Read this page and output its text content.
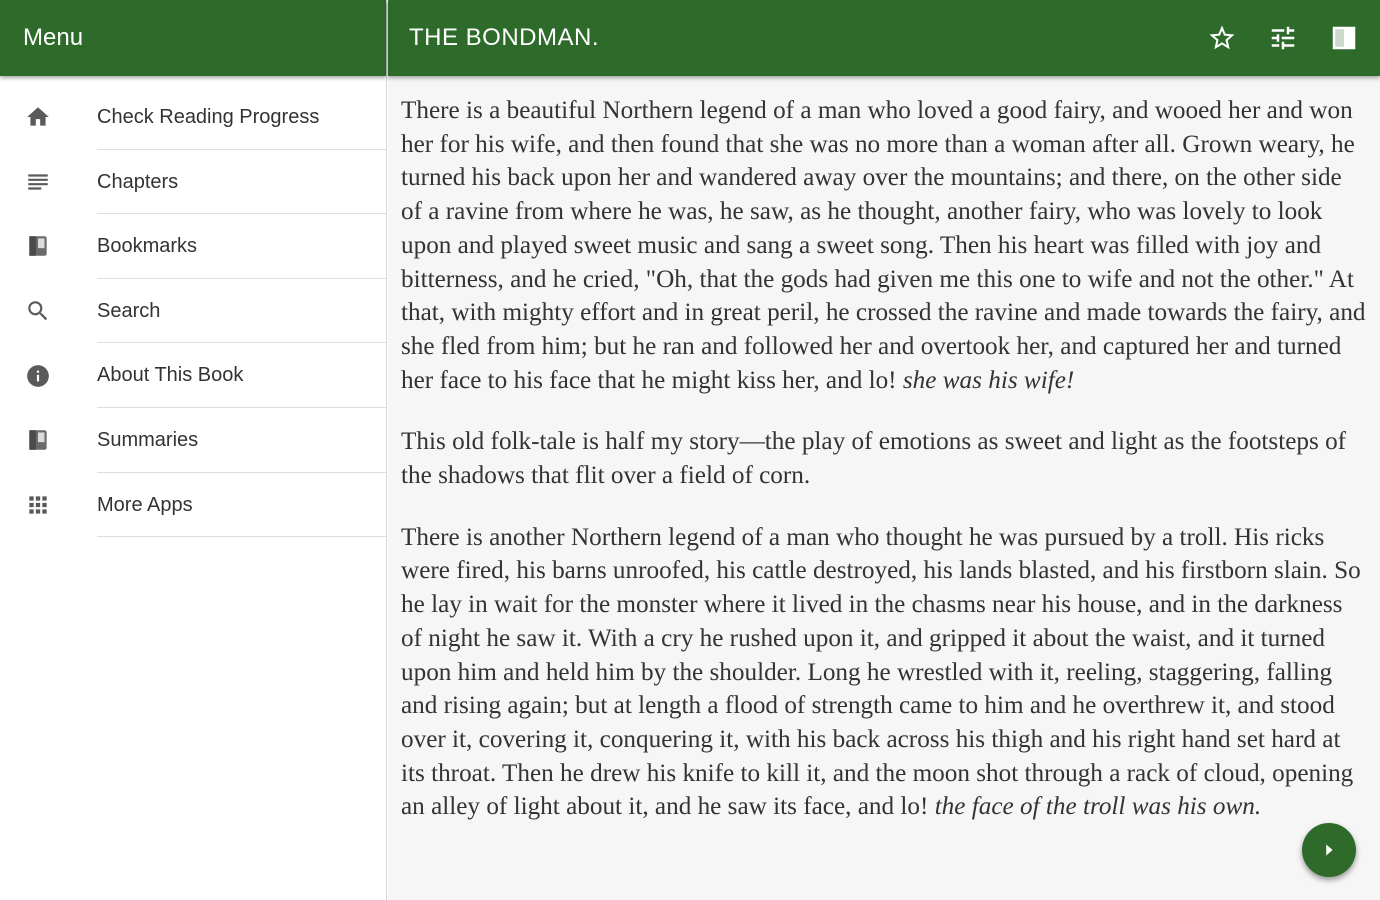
Menu
Check Reading Progress
Chapters
Bookmarks
Search
About This Book
Summaries
More Apps
THE BONDMAN.

There is a beautiful Northern legend of a man who loved a good fairy, and wooed her and won her for his wife, and then found that she was no more than a woman after all. Grown weary, he turned his back upon her and wandered away over the mountains; and there, on the other side of a ravine from where he was, he saw, as he thought, another fairy, who was lovely to look upon and played sweet music and sang a sweet song. Then his heart was filled with joy and bitterness, and he cried, "Oh, that the gods had given me this one to wife and not the other." At that, with mighty effort and in great peril, he crossed the ravine and made towards the fairy, and she fled from him; but he ran and followed her and overtook her, and captured her and turned her face to his face that he might kiss her, and lo! she was his wife!

This old folk-tale is half my story—the play of emotions as sweet and light as the footsteps of the shadows that flit over a field of corn.

There is another Northern legend of a man who thought he was pursued by a troll. His ricks were fired, his barns unroofed, his cattle destroyed, his lands blasted, and his firstborn slain. So he lay in wait for the monster where it lived in the chasms near his house, and in the darkness of night he saw it. With a cry he rushed upon it, and gripped it about the waist, and it turned upon him and held him by the shoulder. Long he wrestled with it, reeling, staggering, falling and rising again; but at length a flood of strength came to him and he overthrew it, and stood over it, covering it, conquering it, with his back across his thigh and his right hand set hard at its throat. Then he drew his knife to kill it, and the moon shot through a rack of cloud, opening an alley of light about it, and he saw its face, and lo! the face of the troll was his own.
